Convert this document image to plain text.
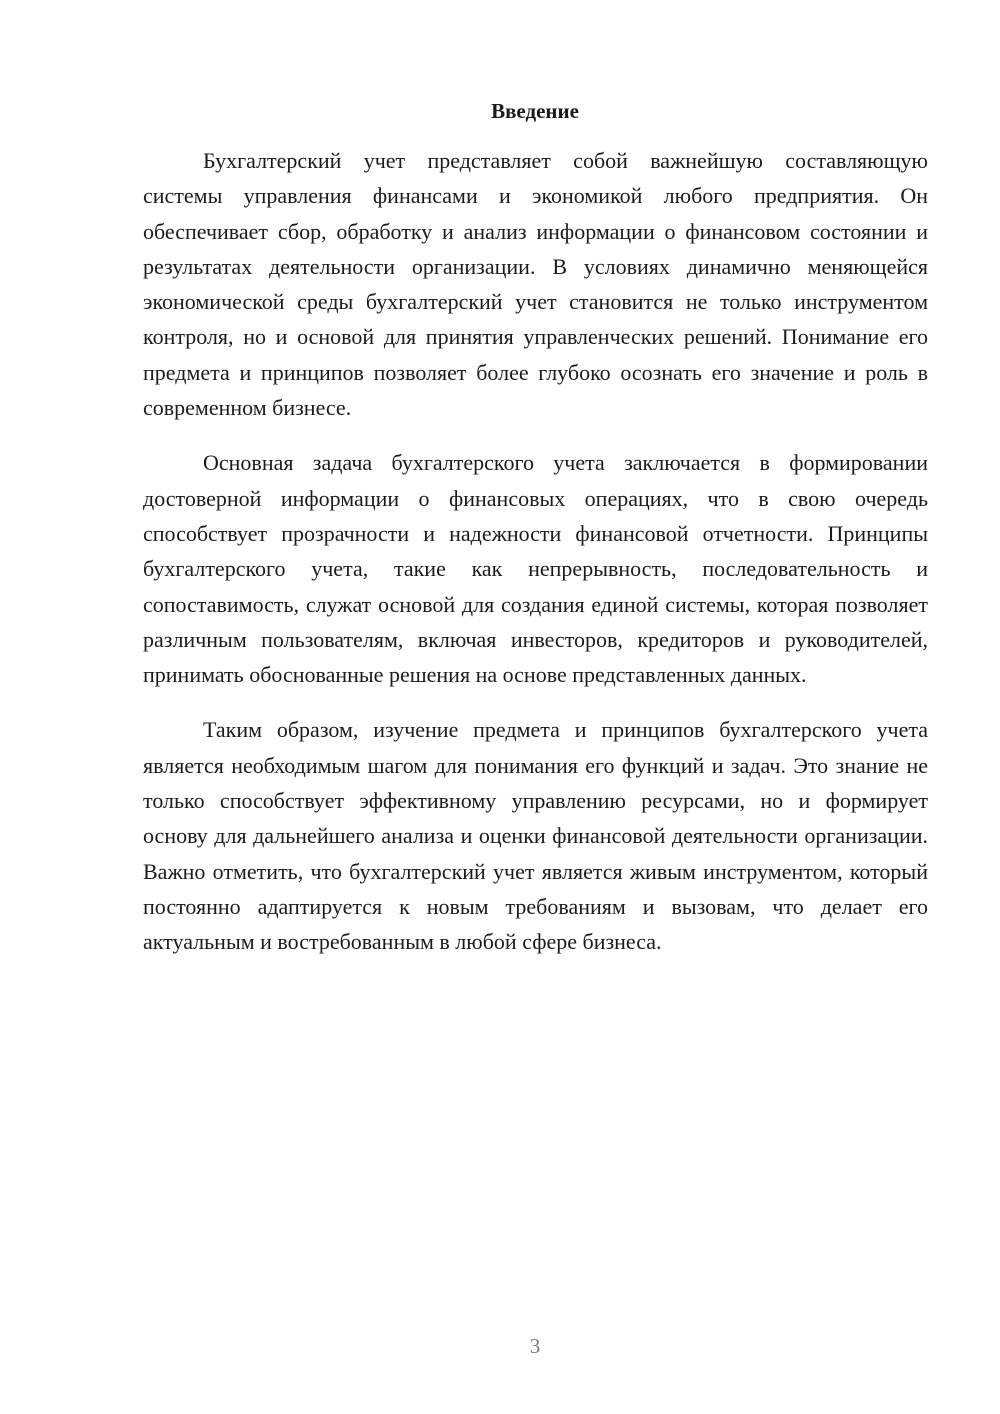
Введение

Бухгалтерский учет представляет собой важнейшую составляющую системы управления финансами и экономикой любого предприятия. Он обеспечивает сбор, обработку и анализ информации о финансовом состоянии и результатах деятельности организации. В условиях динамично меняющейся экономической среды бухгалтерский учет становится не только инструментом контроля, но и основой для принятия управленческих решений. Понимание его предмета и принципов позволяет более глубоко осознать его значение и роль в современном бизнесе.

Основная задача бухгалтерского учета заключается в формировании достоверной информации о финансовых операциях, что в свою очередь способствует прозрачности и надежности финансовой отчетности. Принципы бухгалтерского учета, такие как непрерывность, последовательность и сопоставимость, служат основой для создания единой системы, которая позволяет различным пользователям, включая инвесторов, кредиторов и руководителей, принимать обоснованные решения на основе представленных данных.

Таким образом, изучение предмета и принципов бухгалтерского учета является необходимым шагом для понимания его функций и задач. Это знание не только способствует эффективному управлению ресурсами, но и формирует основу для дальнейшего анализа и оценки финансовой деятельности организации. Важно отметить, что бухгалтерский учет является живым инструментом, который постоянно адаптируется к новым требованиям и вызовам, что делает его актуальным и востребованным в любой сфере бизнеса.

3
